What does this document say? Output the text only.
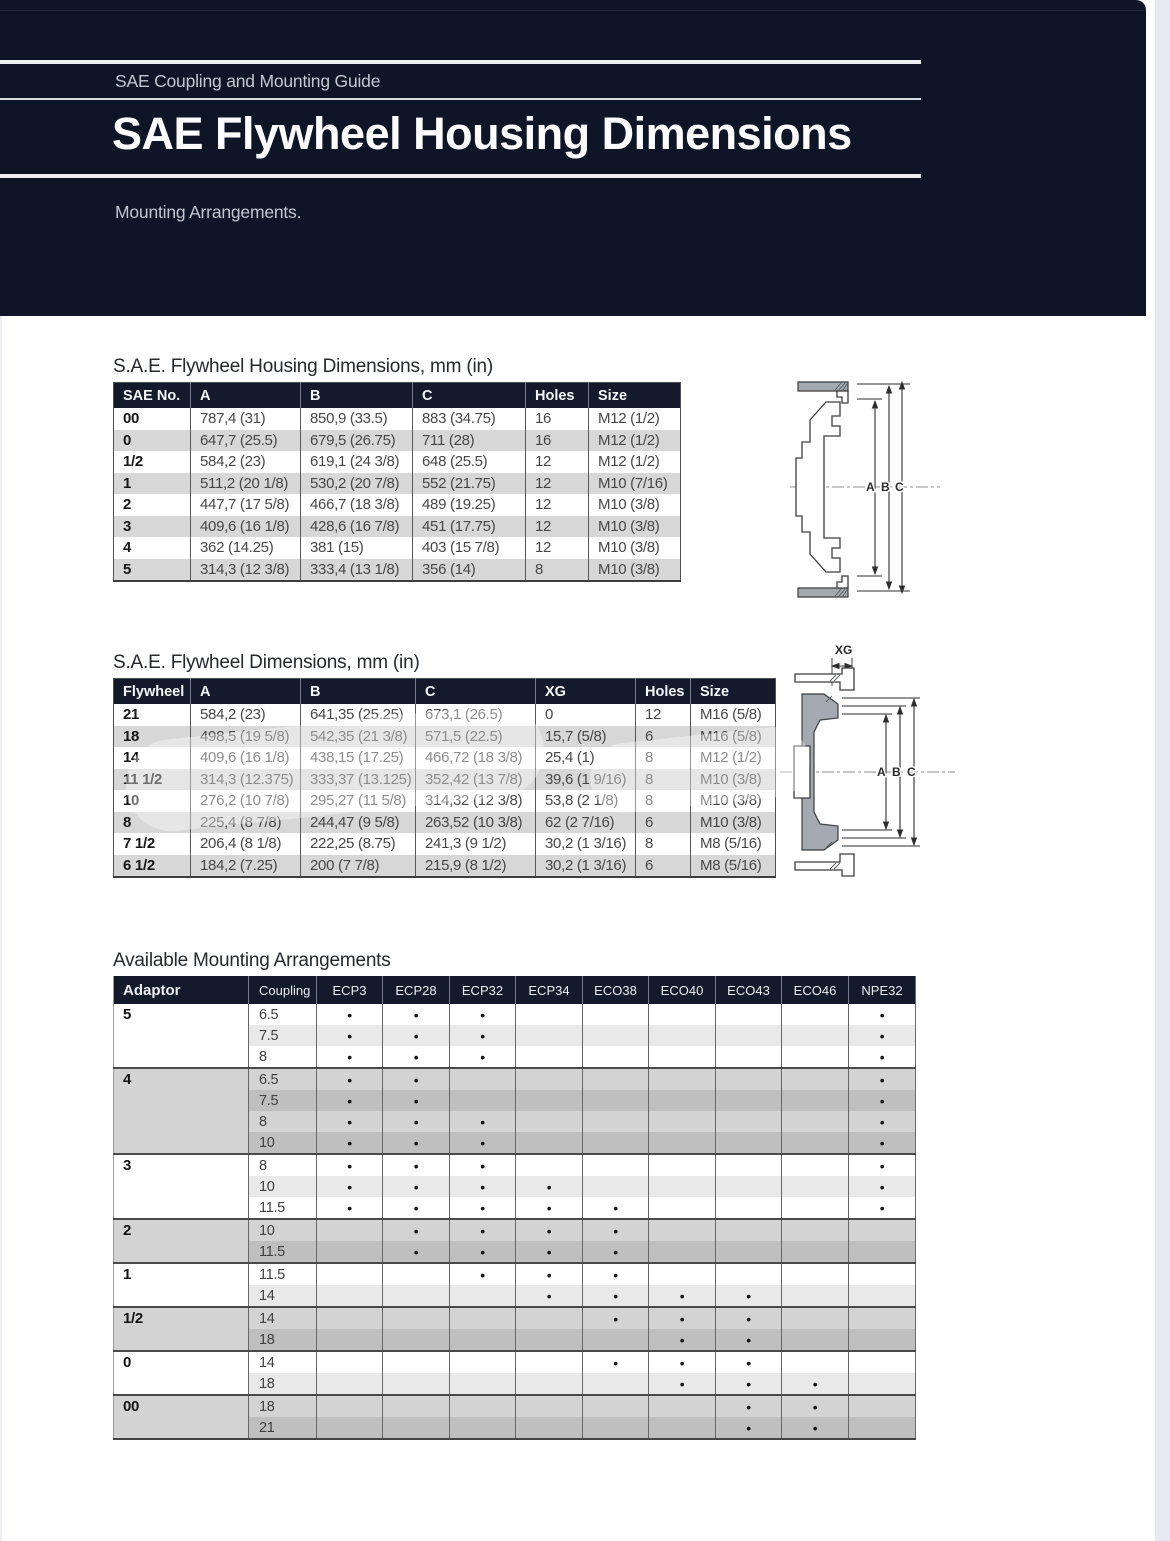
SAE Coupling and Mounting Guide
SAE Flywheel Housing Dimensions
Mounting Arrangements.
S.A.E. Flywheel Housing Dimensions, mm (in)
SAE No.	A	B	C	Holes	Size
00	787,4 (31)	850,9 (33.5)	883 (34.75)	16	M12 (1/2)
0	647,7 (25.5)	679,5 (26.75)	711 (28)	16	M12 (1/2)
1/2	584,2 (23)	619,1 (24 3/8)	648 (25.5)	12	M12 (1/2)
1	511,2 (20 1/8)	530,2 (20 7/8)	552 (21.75)	12	M10 (7/16)
2	447,7 (17 5/8)	466,7 (18 3/8)	489 (19.25)	12	M10 (3/8)
3	409,6 (16 1/8)	428,6 (16 7/8)	451 (17.75)	12	M10 (3/8)
4	362 (14.25)	381 (15)	403 (15 7/8)	12	M10 (3/8)
5	314,3 (12 3/8)	333,4 (13 1/8)	356 (14)	8	M10 (3/8)
A B C
S.A.E. Flywheel Dimensions, mm (in)
Flywheel	A	B	C	XG	Holes	Size
21	584,2 (23)	641,35 (25.25)	673,1 (26.5)	0	12	M16 (5/8)
18	498,5 (19 5/8)	542,35 (21 3/8)	571,5 (22.5)	15,7 (5/8)	6	M16 (5/8)
14	409,6 (16 1/8)	438,15 (17.25)	466,72 (18 3/8)	25,4 (1)	8	M12 (1/2)
11 1/2	314,3 (12.375)	333,37 (13.125)	352,42 (13 7/8)	39,6 (1 9/16)	8	M10 (3/8)
10	276,2 (10 7/8)	295,27 (11 5/8)	314,32 (12 3/8)	53,8 (2 1/8)	8	M10 (3/8)
8	225,4 (8 7/8)	244,47 (9 5/8)	263,52 (10 3/8)	62 (2 7/16)	6	M10 (3/8)
7 1/2	206,4 (8 1/8)	222,25 (8.75)	241,3 (9 1/2)	30,2 (1 3/16)	8	M8 (5/16)
6 1/2	184,2 (7.25)	200 (7 7/8)	215,9 (8 1/2)	30,2 (1 3/16)	6	M8 (5/16)
XG
A B C
Available Mounting Arrangements
Adaptor	Coupling	ECP3	ECP28	ECP32	ECP34	ECO38	ECO40	ECO43	ECO46	NPE32
5	6.5	•	•	•						•
	7.5	•	•	•						•
	8	•	•	•						•
4	6.5	•	•							•
	7.5	•	•							•
	8	•	•	•						•
	10	•	•	•						•
3	8	•	•	•						•
	10	•	•	•	•					•
	11.5	•	•	•	•	•				•
2	10		•	•	•	•				
	11.5		•	•	•	•				
1	11.5			•	•	•				
	14				•	•	•	•		
1/2	14					•	•	•		
	18						•	•		
0	14					•	•	•		
	18						•	•	•	
00	18							•	•	
	21							•	•	
